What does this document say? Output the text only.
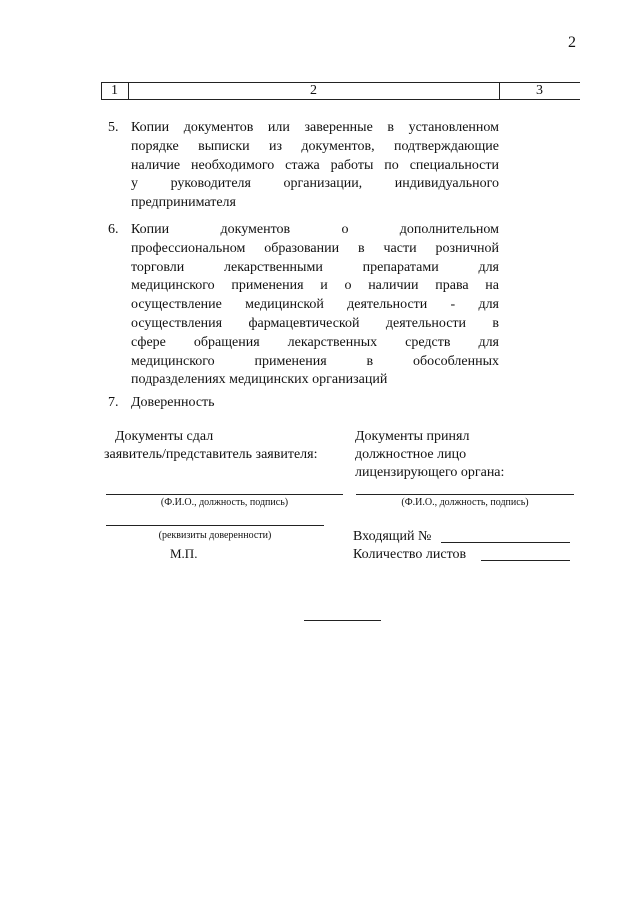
2
1	2	3
5. Копии документов или заверенные в установленном
порядке выписки из документов, подтверждающие
наличие необходимого стажа работы по специальности
у руководителя организации, индивидуального
предпринимателя
6. Копии документов о дополнительном
профессиональном образовании в части розничной
торговли лекарственными препаратами для
медицинского применения и о наличии права на
осуществление медицинской деятельности - для
осуществления фармацевтической деятельности в
сфере обращения лекарственных средств для
медицинского применения в обособленных
подразделениях медицинских организаций
7. Доверенность
Документы сдал
заявитель/представитель заявителя:
(Ф.И.О., должность, подпись)
(реквизиты доверенности)
М.П.
Документы принял
должностное лицо
лицензирующего органа:
(Ф.И.О., должность, подпись)
Входящий №
Количество листов
